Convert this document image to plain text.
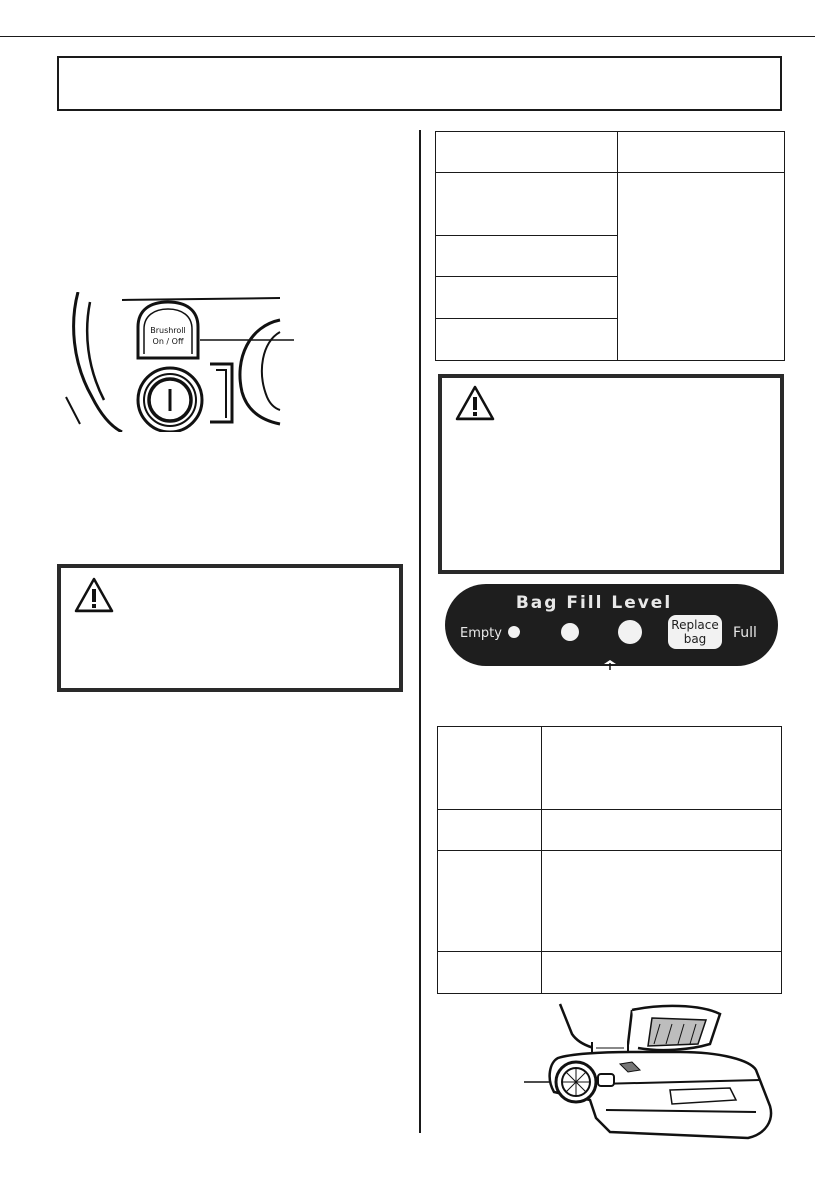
Brushroll
On / Off
Bag Fill Level
Empty
Replace
bag Full
